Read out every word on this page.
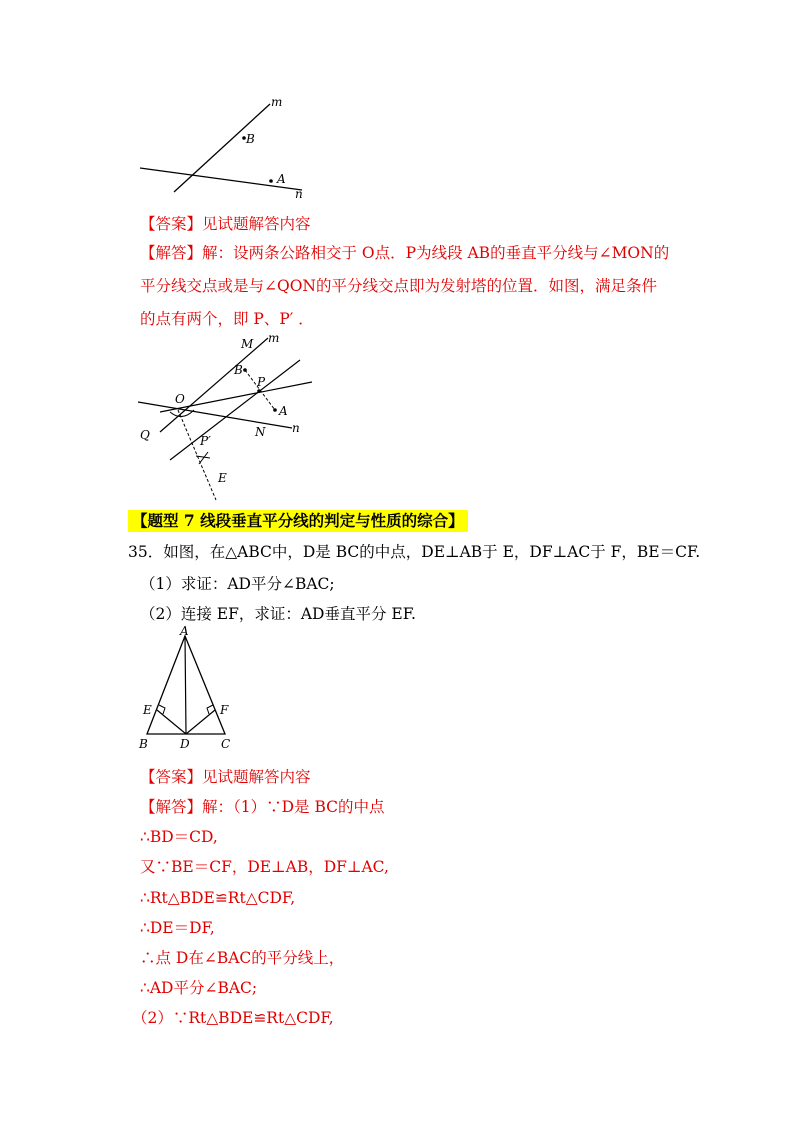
m
B
A
n
【答案】见试题解答内容
【解答】解：设两条公路相交于 O点．P为线段 AB的垂直平分线与∠MON的
平分线交点或是与∠QON的平分线交点即为发射塔的位置．如图，满足条件
的点有两个，即 P、P′ ．
M m
B
P
O
A
N n
Q	P′
E
【题型 7 线段垂直平分线的判定与性质的综合】
35．如图，在△ABC中，D是 BC的中点，DE⊥AB于 E，DF⊥AC于 F，BE＝CF.
（1）求证：AD平分∠BAC;
（2）连接 EF，求证：AD垂直平分 EF.
A
E	F
B	D	C
【答案】见试题解答内容
【解答】解：（1）∵D是 BC的中点
∴BD＝CD,
又∵BE＝CF，DE⊥AB，DF⊥AC,
∴Rt△BDE≌Rt△CDF,
∴DE＝DF,
∴点 D在∠BAC的平分线上，
∴AD平分∠BAC;
（2）∵Rt△BDE≌Rt△CDF,
